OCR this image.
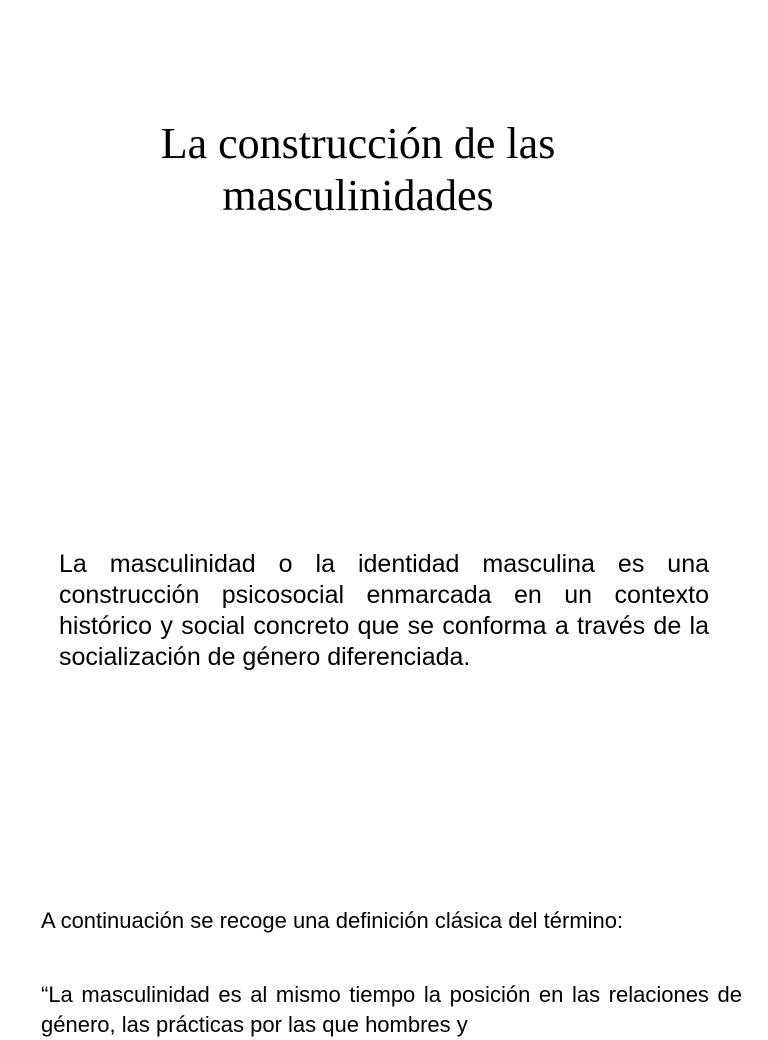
La construcción de las
masculinidades

La masculinidad o la identidad masculina es una construcción psicosocial enmarcada en un contexto histórico y social concreto que se conforma a través de la socialización de género diferenciada.

A continuación se recoge una definición clásica del término:

“La masculinidad es al mismo tiempo la posición en las relaciones de género, las prácticas por las que hombres y
